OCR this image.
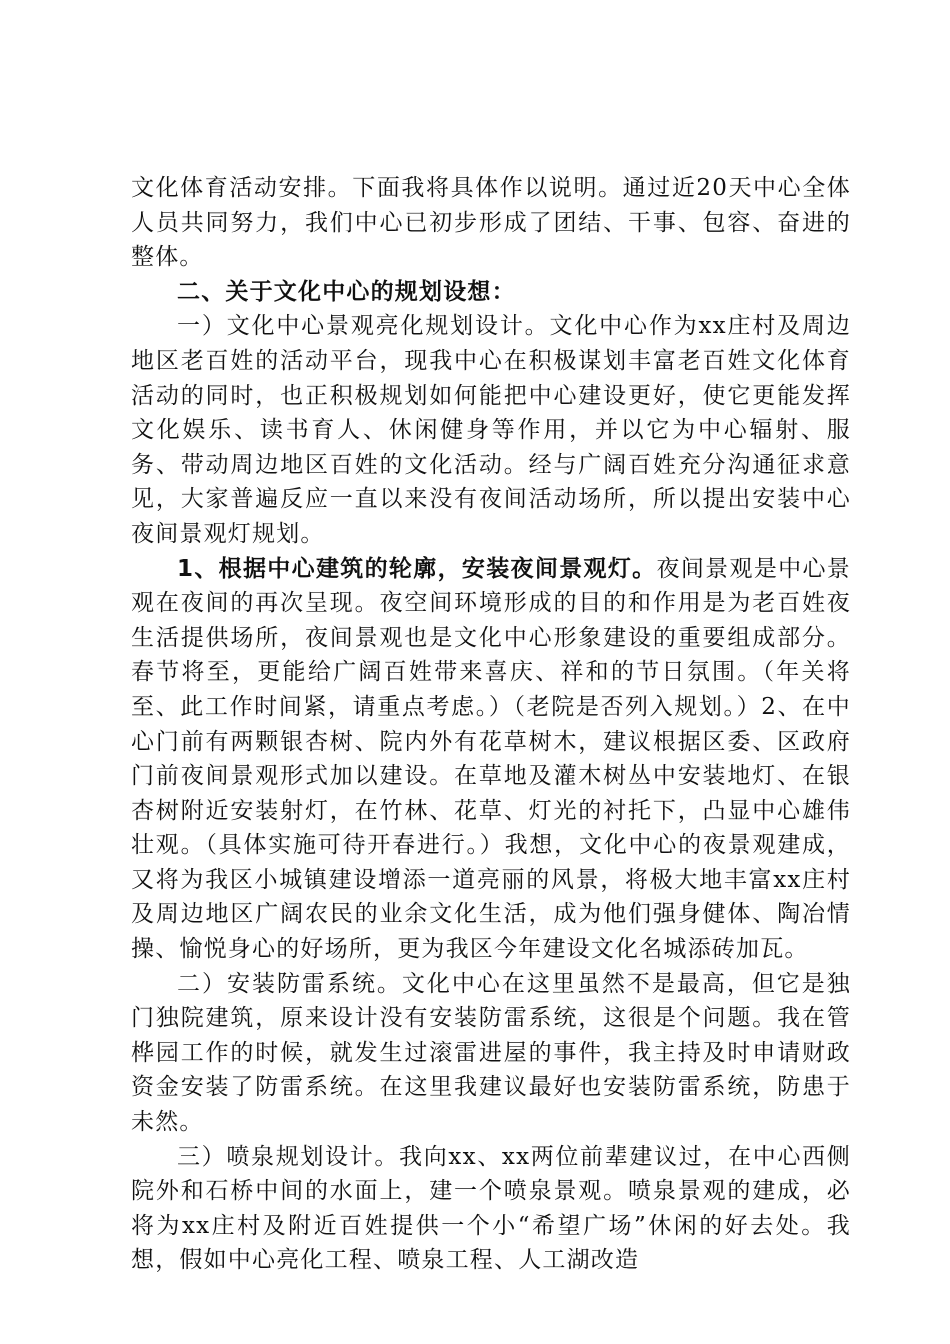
文化体育活动安排。下面我将具体作以说明。通过近20天中心全体人员共同努力，我们中心已初步形成了团结、干事、包容、奋进的整体。

二、关于文化中心的规划设想：

一）文化中心景观亮化规划设计。文化中心作为xx庄村及周边地区老百姓的活动平台，现我中心在积极谋划丰富老百姓文化体育活动的同时，也正积极规划如何能把中心建设更好，使它更能发挥文化娱乐、读书育人、休闲健身等作用，并以它为中心辐射、服务、带动周边地区百姓的文化活动。经与广阔百姓充分沟通征求意见，大家普遍反应一直以来没有夜间活动场所，所以提出安装中心夜间景观灯规划。

1、根据中心建筑的轮廓，安装夜间景观灯。夜间景观是中心景观在夜间的再次呈现。夜空间环境形成的目的和作用是为老百姓夜生活提供场所，夜间景观也是文化中心形象建设的重要组成部分。春节将至，更能给广阔百姓带来喜庆、祥和的节日氛围。（年关将至、此工作时间紧，请重点考虑。）（老院是否列入规划。）2、在中心门前有两颗银杏树、院内外有花草树木，建议根据区委、区政府门前夜间景观形式加以建设。在草地及灌木树丛中安装地灯、在银杏树附近安装射灯，在竹林、花草、灯光的衬托下，凸显中心雄伟壮观。（具体实施可待开春进行。）我想，文化中心的夜景观建成，又将为我区小城镇建设增添一道亮丽的风景，将极大地丰富xx庄村及周边地区广阔农民的业余文化生活，成为他们强身健体、陶冶情操、愉悦身心的好场所，更为我区今年建设文化名城添砖加瓦。

二）安装防雷系统。文化中心在这里虽然不是最高，但它是独门独院建筑，原来设计没有安装防雷系统，这很是个问题。我在管桦园工作的时候，就发生过滚雷进屋的事件，我主持及时申请财政资金安装了防雷系统。在这里我建议最好也安装防雷系统，防患于未然。

三）喷泉规划设计。我向xx、xx两位前辈建议过，在中心西侧院外和石桥中间的水面上，建一个喷泉景观。喷泉景观的建成，必将为xx庄村及附近百姓提供一个小“希望广场”休闲的好去处。我想，假如中心亮化工程、喷泉工程、人工湖改造
